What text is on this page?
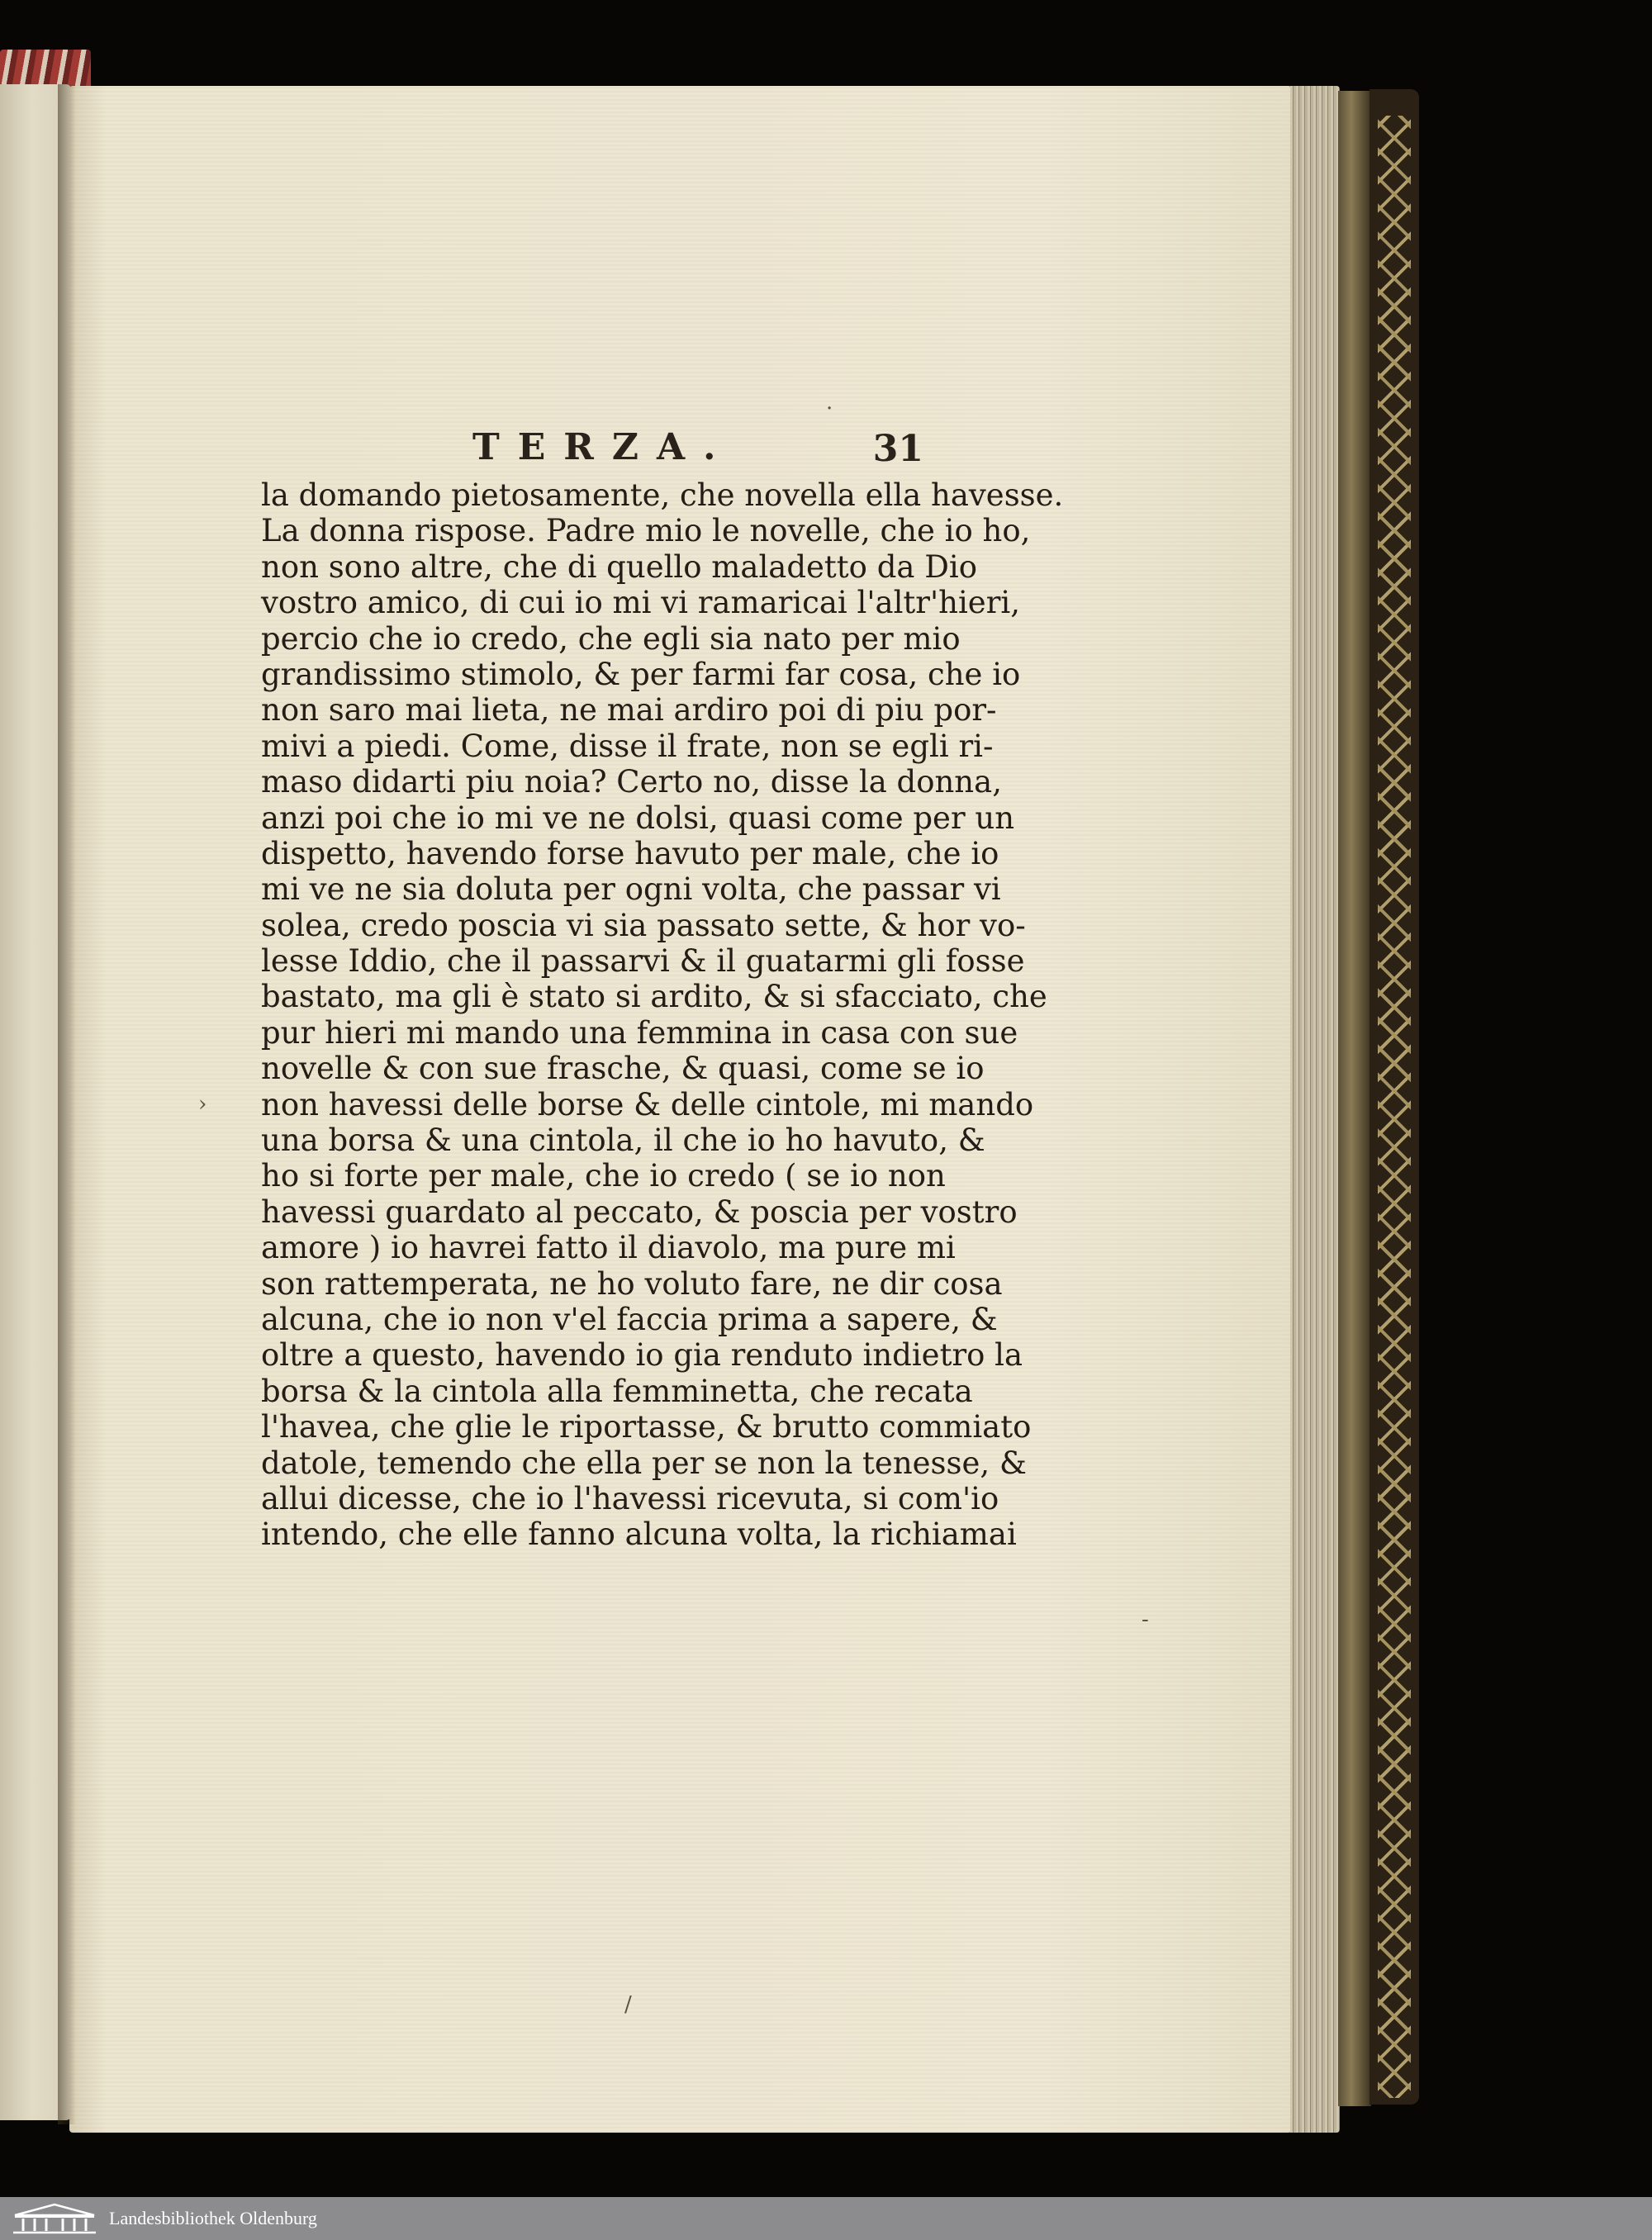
TERZA.	31
la domando pietosamente, che novella ella havesse.
La donna rispose. Padre mio le novelle, che io ho,
non sono altre, che di quello maladetto da Dio
vostro amico, di cui io mi vi ramaricai l'altr'hieri,
percio che io credo, che egli sia nato per mio
grandissimo stimolo, & per farmi far cosa, che io
non saro mai lieta, ne mai ardiro poi di piu por-
mivi a piedi. Come, disse il frate, non se egli ri-
maso didarti piu noia? Certo no, disse la donna,
anzi poi che io mi ve ne dolsi, quasi come per un
dispetto, havendo forse havuto per male, che io
mi ve ne sia doluta per ogni volta, che passar vi
solea, credo poscia vi sia passato sette, & hor vo-
lesse Iddio, che il passarvi & il guatarmi gli fosse
bastato, ma gli è stato si ardito, & si sfacciato, che
pur hieri mi mando una femmina in casa con sue
novelle & con sue frasche, & quasi, come se io
non havessi delle borse & delle cintole, mi mando
una borsa & una cintola, il che io ho havuto, &
ho si forte per male, che io credo ( se io non
havessi guardato al peccato, & poscia per vostro
amore ) io havrei fatto il diavolo, ma pure mi
son rattemperata, ne ho voluto fare, ne dir cosa
alcuna, che io non v'el faccia prima a sapere, &
oltre a questo, havendo io gia renduto indietro la
borsa & la cintola alla femminetta, che recata
l'havea, che glie le riportasse, & brutto commiato
datole, temendo che ella per se non la tenesse, &
allui dicesse, che io l'havessi ricevuta, si com'io
intendo, che elle fanno alcuna volta, la richiamai
›
·
-
/
Landesbibliothek Oldenburg
